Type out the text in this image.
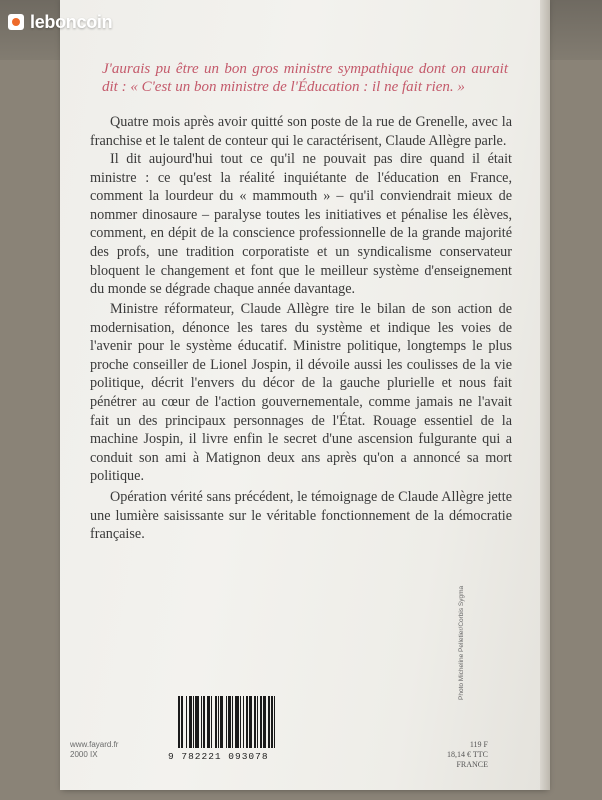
leboncoin
J'aurais pu être un bon gros ministre sympathique dont on aurait dit : « C'est un bon ministre de l'Éducation : il ne fait rien. »
Quatre mois après avoir quitté son poste de la rue de Grenelle, avec la franchise et le talent de conteur qui le caractérisent, Claude Allègre parle.
Il dit aujourd'hui tout ce qu'il ne pouvait pas dire quand il était ministre : ce qu'est la réalité inquiétante de l'éducation en France, comment la lourdeur du « mammouth » – qu'il conviendrait mieux de nommer dinosaure – paralyse toutes les initiatives et pénalise les élèves, comment, en dépit de la conscience professionnelle de la grande majorité des profs, une tradition corporatiste et un syndicalisme conservateur bloquent le changement et font que le meilleur système d'enseignement du monde se dégrade chaque année davantage.
Ministre réformateur, Claude Allègre tire le bilan de son action de modernisation, dénonce les tares du système et indique les voies de l'avenir pour le système éducatif. Ministre politique, longtemps le plus proche conseiller de Lionel Jospin, il dévoile aussi les coulisses de la vie politique, décrit l'envers du décor de la gauche plurielle et nous fait pénétrer au cœur de l'action gouvernementale, comme jamais ne l'avait fait un des principaux personnages de l'État. Rouage essentiel de la machine Jospin, il livre enfin le secret d'une ascension fulgurante qui a conduit son ami à Matignon deux ans après qu'on a annoncé sa mort politique.
Opération vérité sans précédent, le témoignage de Claude Allègre jette une lumière saisissante sur le véritable fonctionnement de la démocratie française.
Photo Micheline Pelletier/Corbis Sygma
www.fayard.fr
2000 IX	9 782221 093078
119 F
18,14 € TTC FRANCE
